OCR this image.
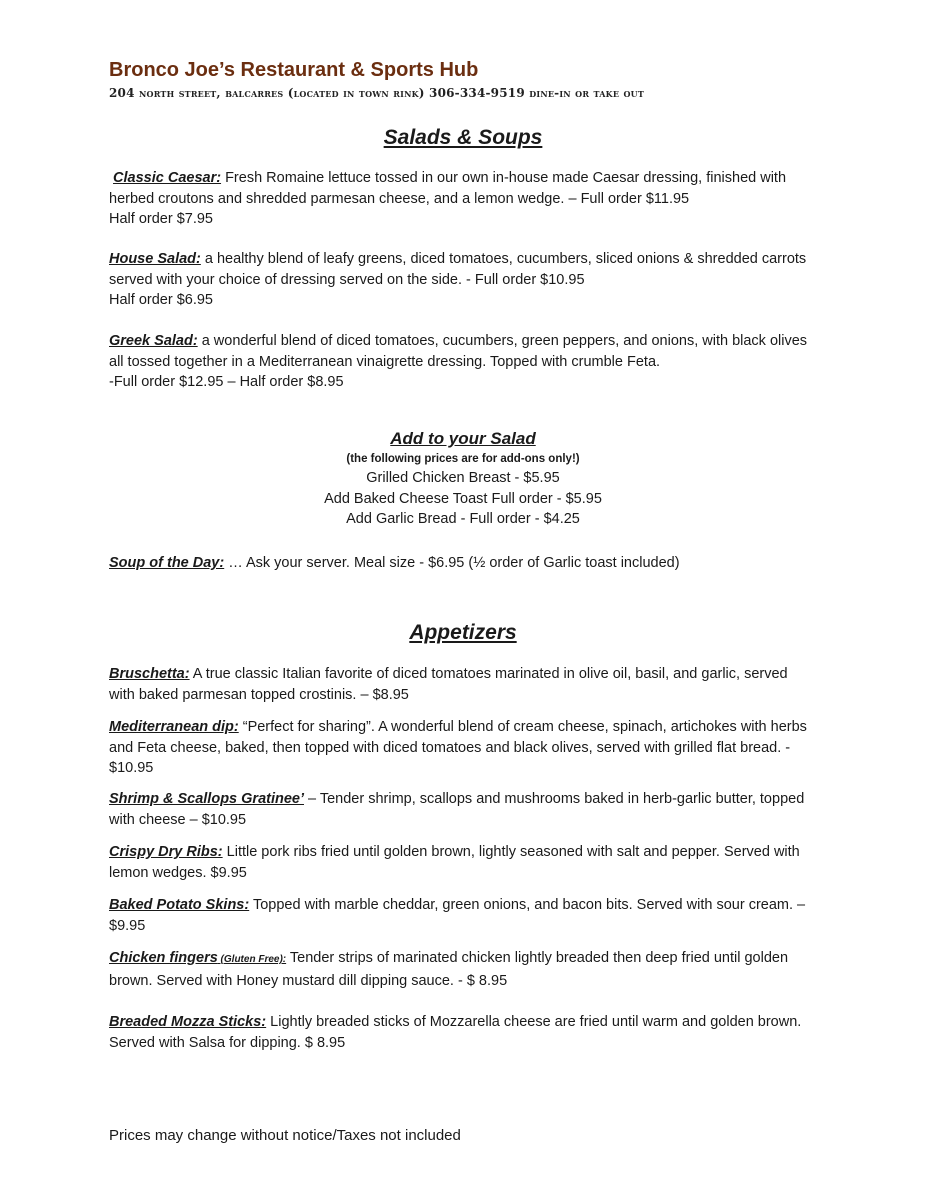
Bronco Joe’s Restaurant & Sports Hub

204 north street, balcarres (located in town rink) 306-334-9519 dine-in or take out

Salads & Soups

Classic Caesar: Fresh Romaine lettuce tossed in our own in-house made Caesar dressing, finished with herbed croutons and shredded parmesan cheese, and a lemon wedge. – Full order $11.95

Half order $7.95

House Salad: a healthy blend of leafy greens, diced tomatoes, cucumbers, sliced onions & shredded carrots served with your choice of dressing served on the side. - Full order $10.95

Half order $6.95

Greek Salad: a wonderful blend of diced tomatoes, cucumbers, green peppers, and onions, with black olives all tossed together in a Mediterranean vinaigrette dressing. Topped with crumble Feta.

-Full order $12.95 – Half order $8.95

Add to your Salad

(the following prices are for add-ons only!)

Grilled Chicken Breast - $5.95

Add Baked Cheese Toast Full order - $5.95

Add Garlic Bread - Full order - $4.25

Soup of the Day: … Ask your server. Meal size - $6.95 (½ order of Garlic toast included)

Appetizers

Bruschetta: A true classic Italian favorite of diced tomatoes marinated in olive oil, basil, and garlic, served with baked parmesan topped crostinis. – $8.95

Mediterranean dip: “Perfect for sharing”. A wonderful blend of cream cheese, spinach, artichokes with herbs and Feta cheese, baked, then topped with diced tomatoes and black olives, served with grilled flat bread. - $10.95

Shrimp & Scallops Gratinee’ – Tender shrimp, scallops and mushrooms baked in herb-garlic butter, topped with cheese – $10.95

Crispy Dry Ribs: Little pork ribs fried until golden brown, lightly seasoned with salt and pepper. Served with lemon wedges. $9.95

Baked Potato Skins: Topped with marble cheddar, green onions, and bacon bits. Served with sour cream. – $9.95

Chicken fingers (Gluten Free): Tender strips of marinated chicken lightly breaded then deep fried until golden brown. Served with Honey mustard dill dipping sauce. - $ 8.95

Breaded Mozza Sticks: Lightly breaded sticks of Mozzarella cheese are fried until warm and golden brown. Served with Salsa for dipping. $ 8.95

Prices may change without notice/Taxes not included
